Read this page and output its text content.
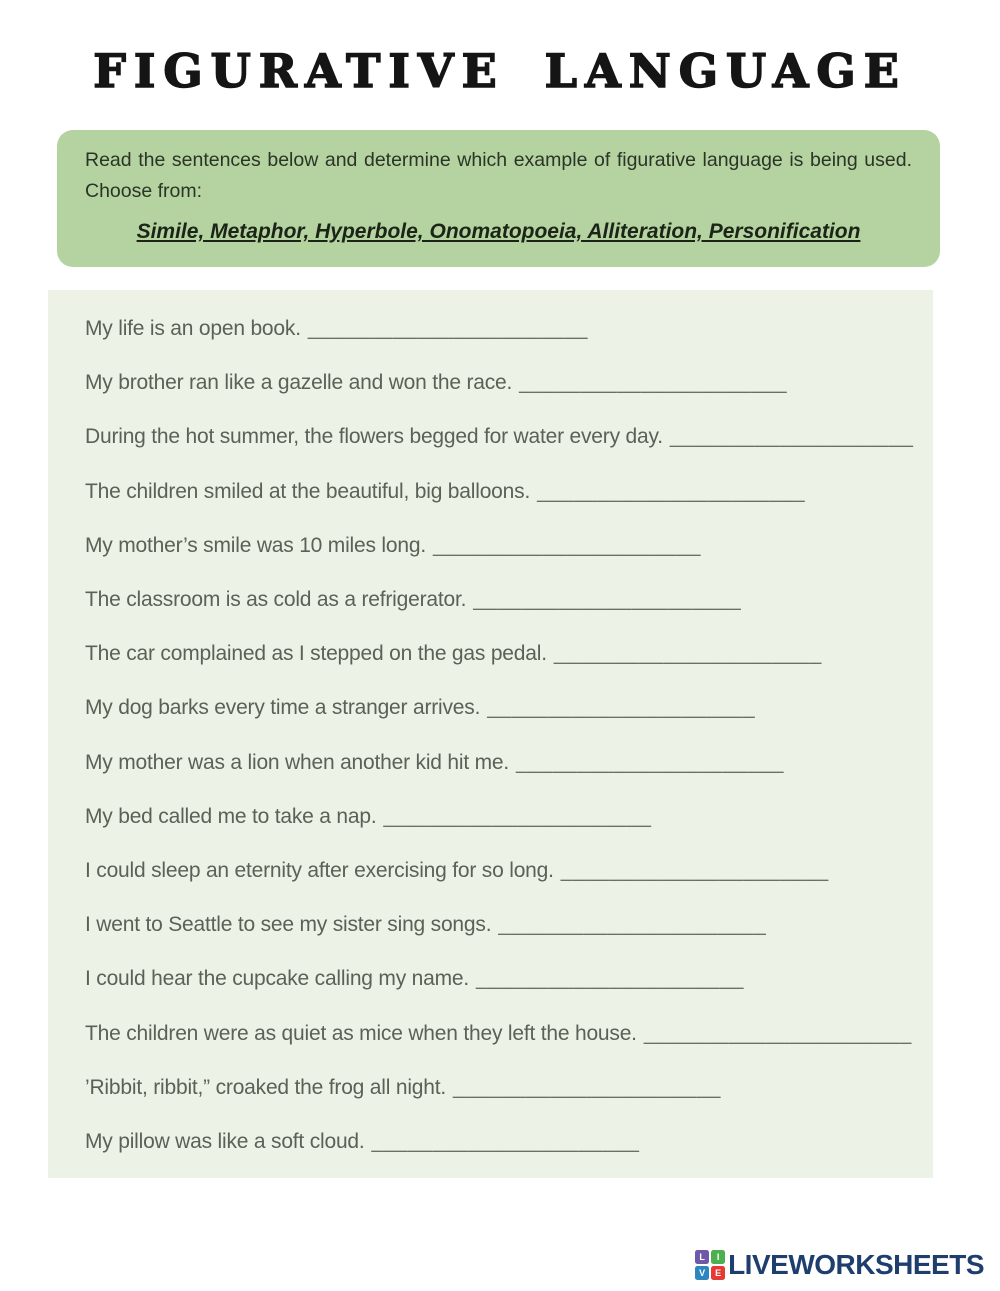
FIGURATIVE LANGUAGE

Read the sentences below and determine which example of figurative language is being used. Choose from:

Simile, Metaphor, Hyperbole, Onomatopoeia, Alliteration, Personification

My life is an open book. _______________________
My brother ran like a gazelle and won the race. ______________________
During the hot summer, the flowers begged for water every day. ____________________
The children smiled at the beautiful, big balloons. ______________________
My mother’s smile was 10 miles long. ______________________
The classroom is as cold as a refrigerator. ______________________
The car complained as I stepped on the gas pedal. ______________________
My dog barks every time a stranger arrives. ______________________
My mother was a lion when another kid hit me. ______________________
My bed called me to take a nap. ______________________
I could sleep an eternity after exercising for so long. ______________________
I went to Seattle to see my sister sing songs. ______________________
I could hear the cupcake calling my name. ______________________
The children were as quiet as mice when they left the house. ______________________
’Ribbit, ribbit,” croaked the frog all night. ______________________
My pillow was like a soft cloud. ______________________
L	I
V	E LIVEWORKSHEETS
